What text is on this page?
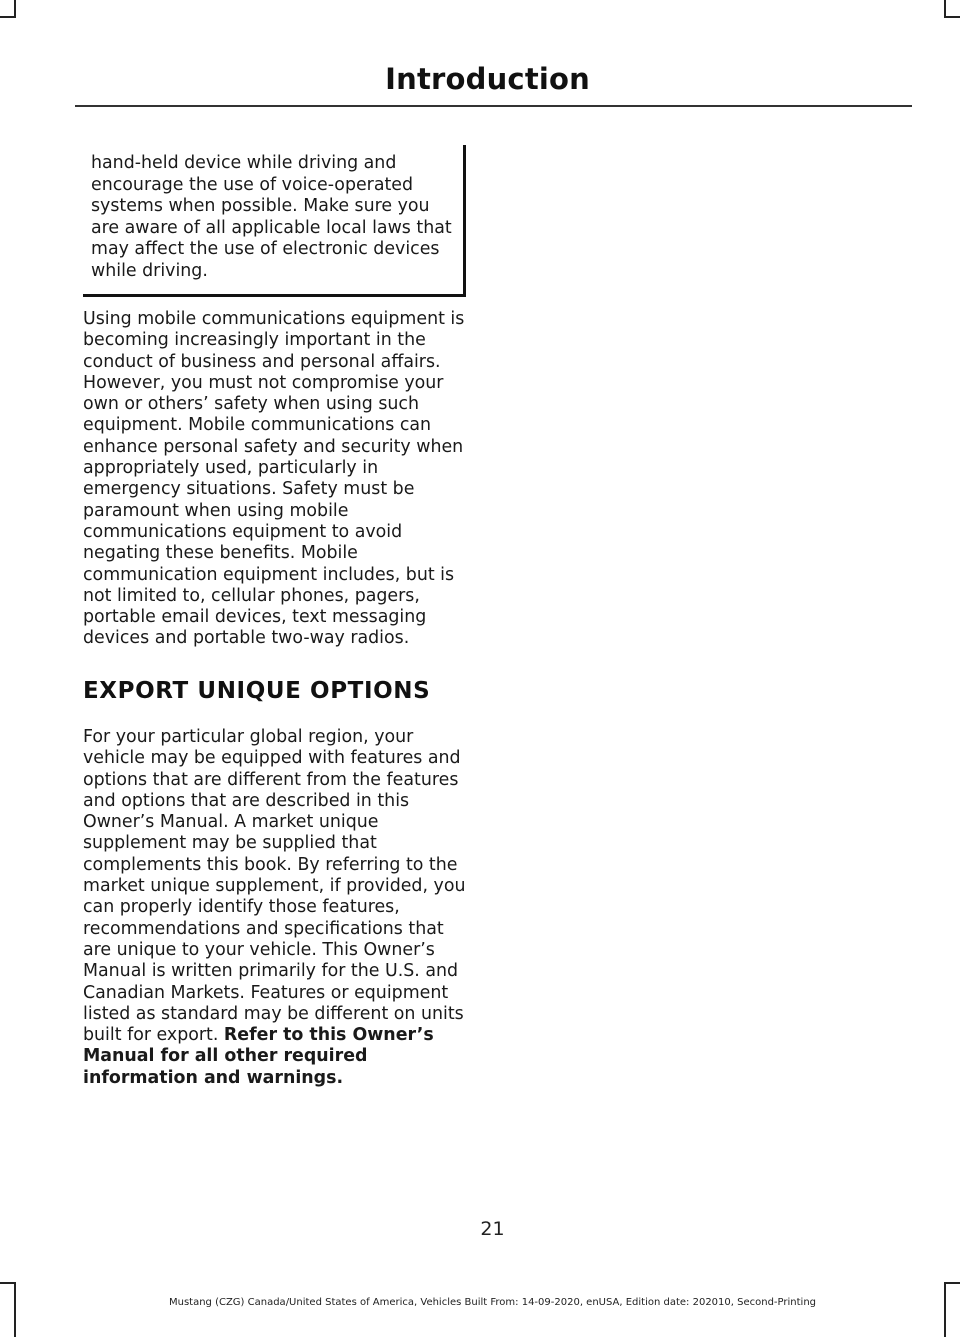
Introduction

hand-held device while driving and encourage the use of voice-operated systems when possible. Make sure you are aware of all applicable local laws that may affect the use of electronic devices while driving.

Using mobile communications equipment is becoming increasingly important in the conduct of business and personal affairs. However, you must not compromise your own or others’ safety when using such equipment. Mobile communications can enhance personal safety and security when appropriately used, particularly in emergency situations. Safety must be paramount when using mobile communications equipment to avoid negating these benefits. Mobile communication equipment includes, but is not limited to, cellular phones, pagers, portable email devices, text messaging devices and portable two-way radios.

EXPORT UNIQUE OPTIONS

For your particular global region, your vehicle may be equipped with features and options that are different from the features and options that are described in this Owner’s Manual. A market unique supplement may be supplied that complements this book. By referring to the market unique supplement, if provided, you can properly identify those features, recommendations and specifications that are unique to your vehicle. This Owner’s Manual is written primarily for the U.S. and Canadian Markets. Features or equipment listed as standard may be different on units built for export. Refer to this Owner’s Manual for all other required information and warnings.

21

Mustang (CZG) Canada/United States of America, Vehicles Built From: 14-09-2020, enUSA, Edition date: 202010, Second-Printing
